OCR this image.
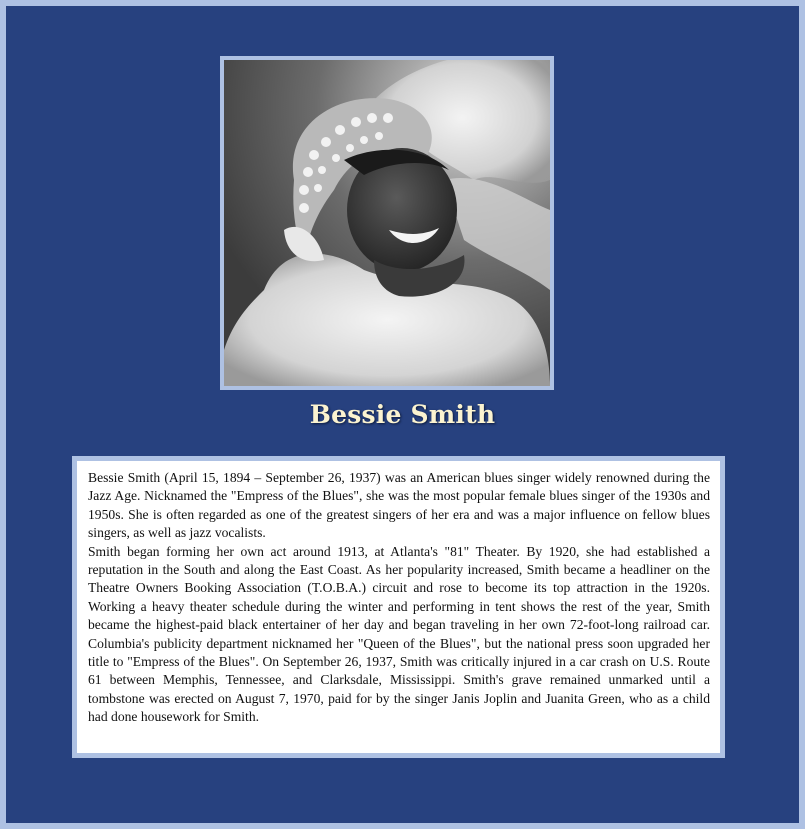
Bessie Smith

Bessie Smith (April 15, 1894 – September 26, 1937) was an American blues singer widely renowned during the Jazz Age. Nicknamed the "Empress of the Blues", she was the most popular female blues singer of the 1930s and 1950s. She is often regarded as one of the greatest singers of her era and was a major influence on fellow blues singers, as well as jazz vocalists.

Smith began forming her own act around 1913, at Atlanta's "81" Theater. By 1920, she had established a reputation in the South and along the East Coast. As her popularity increased, Smith became a headliner on the Theatre Owners Booking Association (T.O.B.A.) circuit and rose to become its top attraction in the 1920s. Working a heavy theater schedule during the winter and performing in tent shows the rest of the year, Smith became the highest-paid black entertainer of her day and began traveling in her own 72-foot-long railroad car. Columbia's publicity department nicknamed her "Queen of the Blues", but the national press soon upgraded her title to "Empress of the Blues". On September 26, 1937, Smith was critically injured in a car crash on U.S. Route 61 between Memphis, Tennessee, and Clarksdale, Mississippi. Smith's grave remained unmarked until a tombstone was erected on August 7, 1970, paid for by the singer Janis Joplin and Juanita Green, who as a child had done housework for Smith.
